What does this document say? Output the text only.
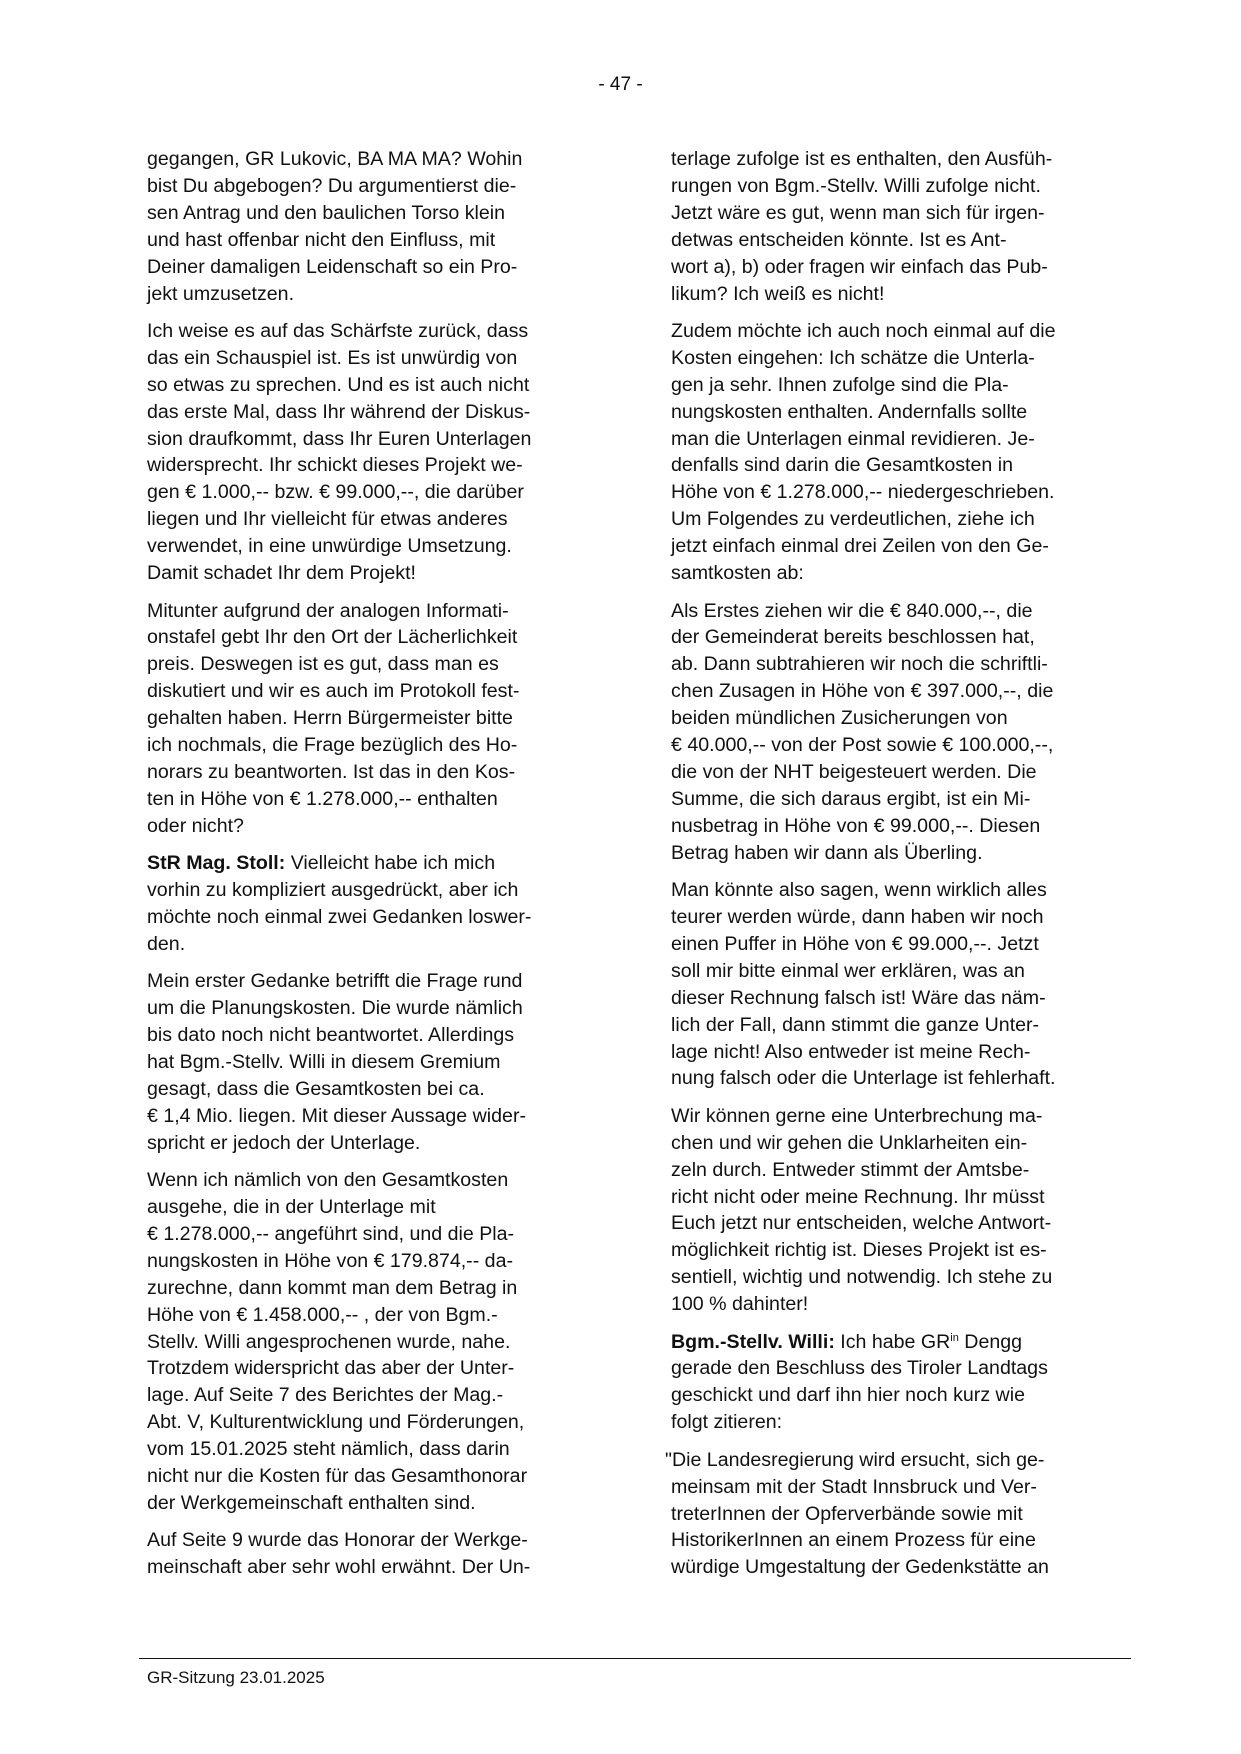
- 47 -

gegangen, GR Lukovic, BA MA MA? Wohin
bist Du abgebogen? Du argumentierst die-
sen Antrag und den baulichen Torso klein
und hast offenbar nicht den Einfluss, mit
Deiner damaligen Leidenschaft so ein Pro-
jekt umzusetzen.

Ich weise es auf das Schärfste zurück, dass
das ein Schauspiel ist. Es ist unwürdig von
so etwas zu sprechen. Und es ist auch nicht
das erste Mal, dass Ihr während der Diskus-
sion draufkommt, dass Ihr Euren Unterlagen
widersprecht. Ihr schickt dieses Projekt we-
gen € 1.000,-- bzw. € 99.000,--, die darüber
liegen und Ihr vielleicht für etwas anderes
verwendet, in eine unwürdige Umsetzung.
Damit schadet Ihr dem Projekt!

Mitunter aufgrund der analogen Informati-
onstafel gebt Ihr den Ort der Lächerlichkeit
preis. Deswegen ist es gut, dass man es
diskutiert und wir es auch im Protokoll fest-
gehalten haben. Herrn Bürgermeister bitte
ich nochmals, die Frage bezüglich des Ho-
norars zu beantworten. Ist das in den Kos-
ten in Höhe von € 1.278.000,-- enthalten
oder nicht?

StR Mag. Stoll: Vielleicht habe ich mich
vorhin zu kompliziert ausgedrückt, aber ich
möchte noch einmal zwei Gedanken loswer-
den.

Mein erster Gedanke betrifft die Frage rund
um die Planungskosten. Die wurde nämlich
bis dato noch nicht beantwortet. Allerdings
hat Bgm.-Stellv. Willi in diesem Gremium
gesagt, dass die Gesamtkosten bei ca.
€ 1,4 Mio. liegen. Mit dieser Aussage wider-
spricht er jedoch der Unterlage.

Wenn ich nämlich von den Gesamtkosten
ausgehe, die in der Unterlage mit
€ 1.278.000,-- angeführt sind, und die Pla-
nungskosten in Höhe von € 179.874,-- da-
zurechne, dann kommt man dem Betrag in
Höhe von € 1.458.000,-- , der von Bgm.-
Stellv. Willi angesprochenen wurde, nahe.
Trotzdem widerspricht das aber der Unter-
lage. Auf Seite 7 des Berichtes der Mag.-
Abt. V, Kulturentwicklung und Förderungen,
vom 15.01.2025 steht nämlich, dass darin
nicht nur die Kosten für das Gesamthonorar
der Werkgemeinschaft enthalten sind.

Auf Seite 9 wurde das Honorar der Werkge-
meinschaft aber sehr wohl erwähnt. Der Un-

terlage zufolge ist es enthalten, den Ausfüh-
rungen von Bgm.-Stellv. Willi zufolge nicht.
Jetzt wäre es gut, wenn man sich für irgen-
detwas entscheiden könnte. Ist es Ant-
wort a), b) oder fragen wir einfach das Pub-
likum? Ich weiß es nicht!

Zudem möchte ich auch noch einmal auf die
Kosten eingehen: Ich schätze die Unterla-
gen ja sehr. Ihnen zufolge sind die Pla-
nungskosten enthalten. Andernfalls sollte
man die Unterlagen einmal revidieren. Je-
denfalls sind darin die Gesamtkosten in
Höhe von € 1.278.000,-- niedergeschrieben.
Um Folgendes zu verdeutlichen, ziehe ich
jetzt einfach einmal drei Zeilen von den Ge-
samtkosten ab:

Als Erstes ziehen wir die € 840.000,--, die
der Gemeinderat bereits beschlossen hat,
ab. Dann subtrahieren wir noch die schriftli-
chen Zusagen in Höhe von € 397.000,--, die
beiden mündlichen Zusicherungen von
€ 40.000,-- von der Post sowie € 100.000,--,
die von der NHT beigesteuert werden. Die
Summe, die sich daraus ergibt, ist ein Mi-
nusbetrag in Höhe von € 99.000,--. Diesen
Betrag haben wir dann als Überling.

Man könnte also sagen, wenn wirklich alles
teurer werden würde, dann haben wir noch
einen Puffer in Höhe von € 99.000,--. Jetzt
soll mir bitte einmal wer erklären, was an
dieser Rechnung falsch ist! Wäre das näm-
lich der Fall, dann stimmt die ganze Unter-
lage nicht! Also entweder ist meine Rech-
nung falsch oder die Unterlage ist fehlerhaft.

Wir können gerne eine Unterbrechung ma-
chen und wir gehen die Unklarheiten ein-
zeln durch. Entweder stimmt der Amtsbe-
richt nicht oder meine Rechnung. Ihr müsst
Euch jetzt nur entscheiden, welche Antwort-
möglichkeit richtig ist. Dieses Projekt ist es-
sentiell, wichtig und notwendig. Ich stehe zu
100 % dahinter!

Bgm.-Stellv. Willi: Ich habe $GR^{in}$ Dengg
gerade den Beschluss des Tiroler Landtags
geschickt und darf ihn hier noch kurz wie
folgt zitieren:

"Die Landesregierung wird ersucht, sich ge-
meinsam mit der Stadt Innsbruck und Ver-
treterInnen der Opferverbände sowie mit
HistorikerInnen an einem Prozess für eine
würdige Umgestaltung der Gedenkstätte an

GR-Sitzung 23.01.2025
